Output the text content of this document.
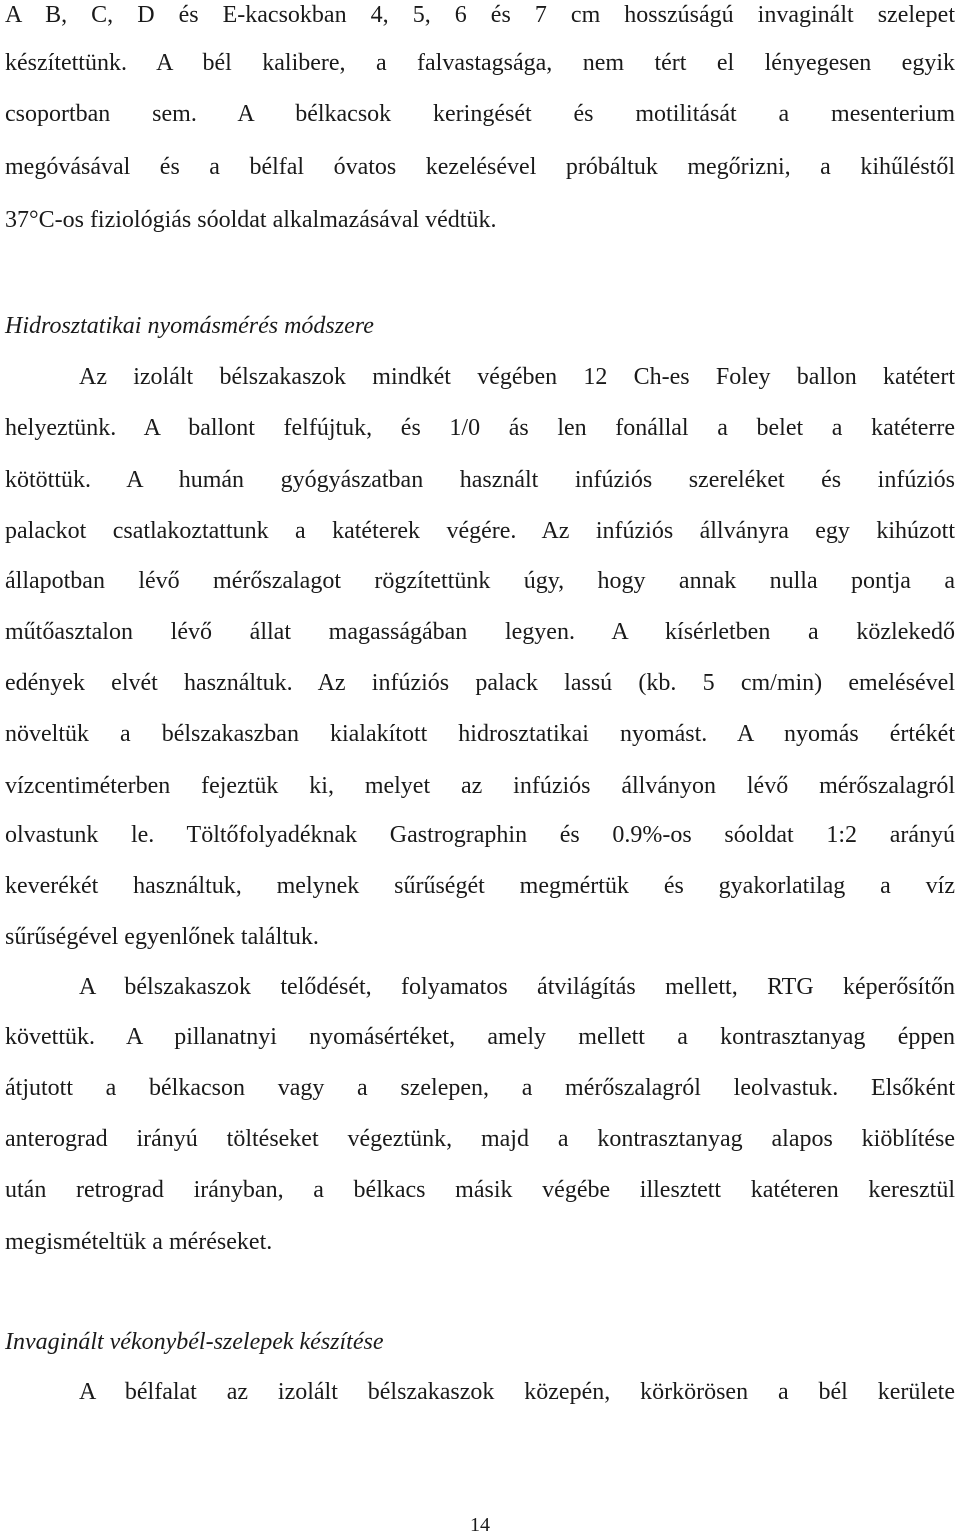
A B, C, D és E-kacsokban 4, 5, 6 és 7 cm hosszúságú invaginált szelepet
készítettünk. A bél kalibere, a falvastagsága, nem tért el lényegesen egyik
csoportban sem. A bélkacsok keringését és motilitását a mesenterium
megóvásával és a bélfal óvatos kezelésével próbáltuk megőrizni, a kihűléstől
37°C-os fiziológiás sóoldat alkalmazásával védtük.
Hidrosztatikai nyomásmérés módszere
Az izolált bélszakaszok mindkét végében 12 Ch-es Foley ballon katétert
helyeztünk. A ballont felfújtuk, és 1/0 ás len fonállal a belet a katéterre
kötöttük. A humán gyógyászatban használt infúziós szereléket és infúziós
palackot csatlakoztattunk a katéterek végére. Az infúziós állványra egy kihúzott
állapotban lévő mérőszalagot rögzítettünk úgy, hogy annak nulla pontja a
műtőasztalon lévő állat magasságában legyen. A kísérletben a közlekedő
edények elvét használtuk. Az infúziós palack lassú (kb. 5 cm/min) emelésével
növeltük a bélszakaszban kialakított hidrosztatikai nyomást. A nyomás értékét
vízcentiméterben fejeztük ki, melyet az infúziós állványon lévő mérőszalagról
olvastunk le. Töltőfolyadéknak Gastrographin és 0.9%-os sóoldat 1:2 arányú
keverékét használtuk, melynek sűrűségét megmértük és gyakorlatilag a víz
sűrűségével egyenlőnek találtuk.
A bélszakaszok telődését, folyamatos átvilágítás mellett, RTG képerősítőn
követtük. A pillanatnyi nyomásértéket, amely mellett a kontrasztanyag éppen
átjutott a bélkacson vagy a szelepen, a mérőszalagról leolvastuk. Elsőként
anterograd irányú töltéseket végeztünk, majd a kontrasztanyag alapos kiöblítése
után retrograd irányban, a bélkacs másik végébe illesztett katéteren keresztül
megismételtük a méréseket.
Invaginált vékonybél-szelepek készítése
A bélfalat az izolált bélszakaszok közepén, körkörösen a bél kerülete
14
